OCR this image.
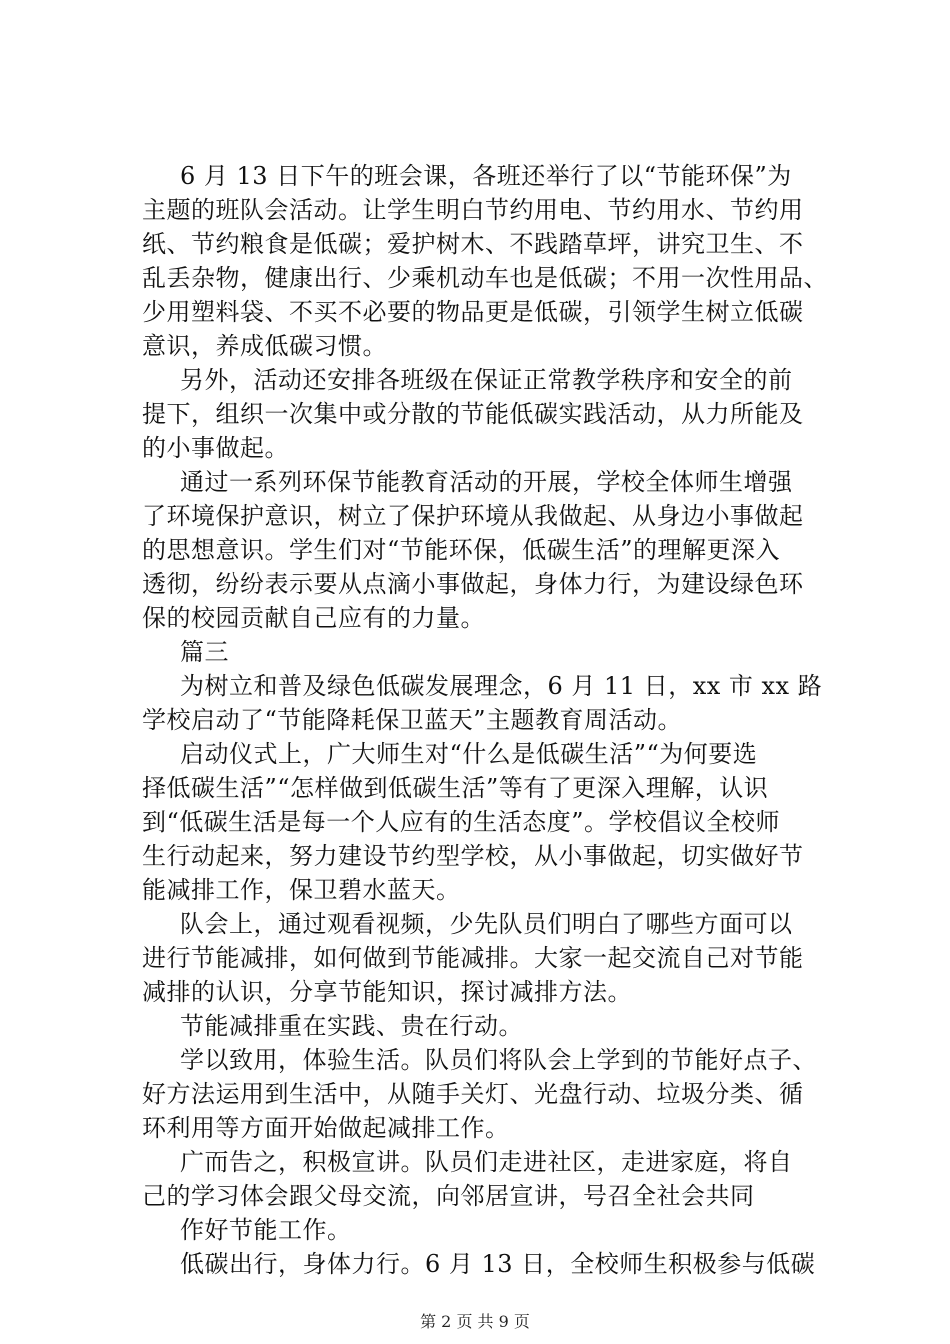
6 月 13 日下午的班会课，各班还举行了以“节能环保”为

主题的班队会活动。让学生明白节约用电、节约用水、节约用

纸、节约粮食是低碳；爱护树木、不践踏草坪，讲究卫生、不

乱丢杂物，健康出行、少乘机动车也是低碳；不用一次性用品、

少用塑料袋、不买不必要的物品更是低碳，引领学生树立低碳

意识，养成低碳习惯。

另外，活动还安排各班级在保证正常教学秩序和安全的前

提下，组织一次集中或分散的节能低碳实践活动，从力所能及

的小事做起。

通过一系列环保节能教育活动的开展，学校全体师生增强

了环境保护意识，树立了保护环境从我做起、从身边小事做起

的思想意识。学生们对“节能环保，低碳生活”的理解更深入

透彻，纷纷表示要从点滴小事做起，身体力行，为建设绿色环

保的校园贡献自己应有的力量。

篇三

为树立和普及绿色低碳发展理念，6 月 11 日，xx 市 xx 路

学校启动了“节能降耗保卫蓝天”主题教育周活动。

启动仪式上，广大师生对“什么是低碳生活”“为何要选

择低碳生活”“怎样做到低碳生活”等有了更深入理解，认识

到“低碳生活是每一个人应有的生活态度”。学校倡议全校师

生行动起来，努力建设节约型学校，从小事做起，切实做好节

能减排工作，保卫碧水蓝天。

队会上，通过观看视频，少先队员们明白了哪些方面可以

进行节能减排，如何做到节能减排。大家一起交流自己对节能

减排的认识，分享节能知识，探讨减排方法。

节能减排重在实践、贵在行动。

学以致用，体验生活。队员们将队会上学到的节能好点子、

好方法运用到生活中，从随手关灯、光盘行动、垃圾分类、循

环利用等方面开始做起减排工作。

广而告之，积极宣讲。队员们走进社区，走进家庭，将自

己的学习体会跟父母交流，向邻居宣讲，号召全社会共同

作好节能工作。

低碳出行，身体力行。6 月 13 日，全校师生积极参与低碳

第 2 页 共 9 页
